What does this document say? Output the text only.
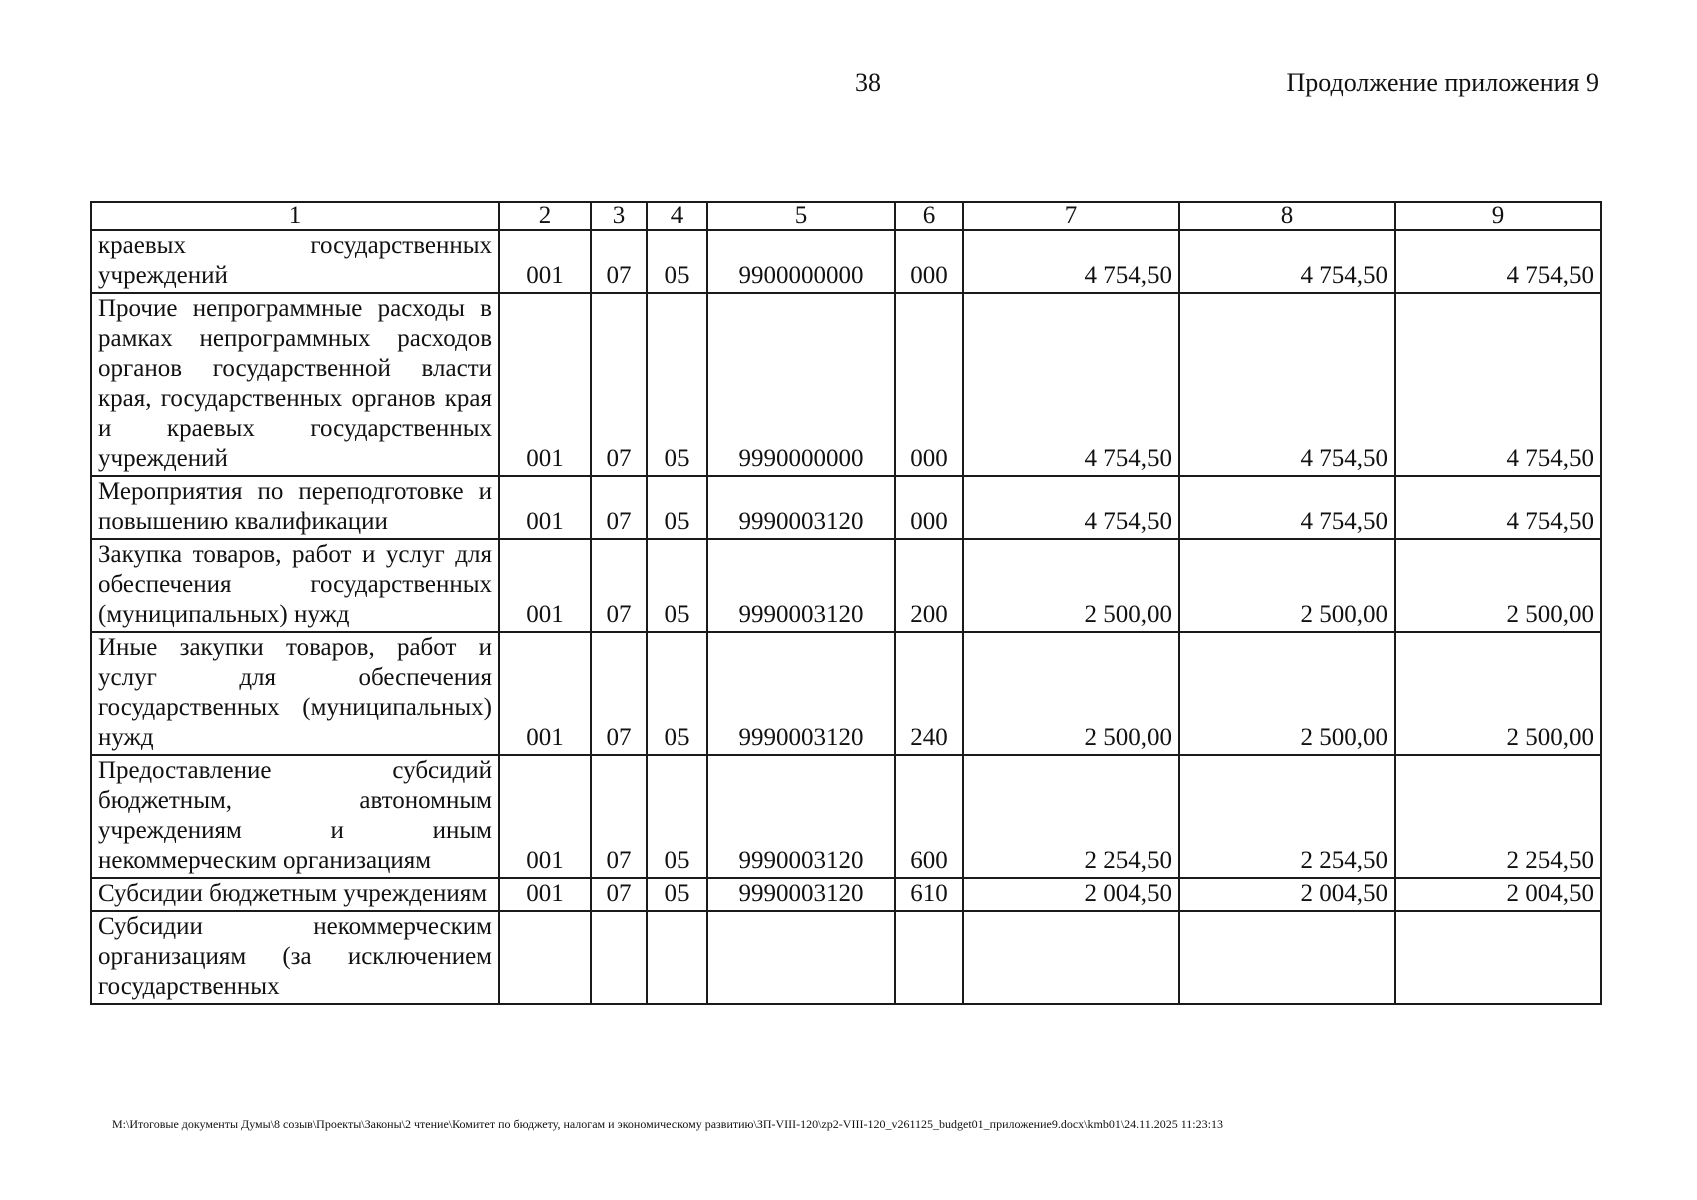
38	Продолжение приложения 9
1	2	3	4	5	6	7	8	9
краевых государственных учреждений	001	07	05	9900000000	000	4 754,50	4 754,50	4 754,50
Прочие непрограммные расходы в рамках непрограммных расходов органов государственной власти края, государственных органов края и краевых государственных учреждений	001	07	05	9990000000	000	4 754,50	4 754,50	4 754,50
Мероприятия по переподготовке и повышению квалификации	001	07	05	9990003120	000	4 754,50	4 754,50	4 754,50
Закупка товаров, работ и услуг для обеспечения государственных (муниципальных) нужд	001	07	05	9990003120	200	2 500,00	2 500,00	2 500,00
Иные закупки товаров, работ и услуг для обеспечения государственных (муниципальных) нужд	001	07	05	9990003120	240	2 500,00	2 500,00	2 500,00
Предоставление субсидий бюджетным, автономным учреждениям и иным некоммерческим организациям	001	07	05	9990003120	600	2 254,50	2 254,50	2 254,50
Субсидии бюджетным учреждениям	001	07	05	9990003120	610	2 004,50	2 004,50	2 004,50
Субсидии некоммерческим организациям (за исключением государственных								
M:\Итоговые документы Думы\8 созыв\Проекты\Законы\2 чтение\Комитет по бюджету, налогам и экономическому развитию\ЗП-VIII-120\zp2-VIII-120_v261125_budget01_приложение9.docx\kmb01\24.11.2025 11:23:13
